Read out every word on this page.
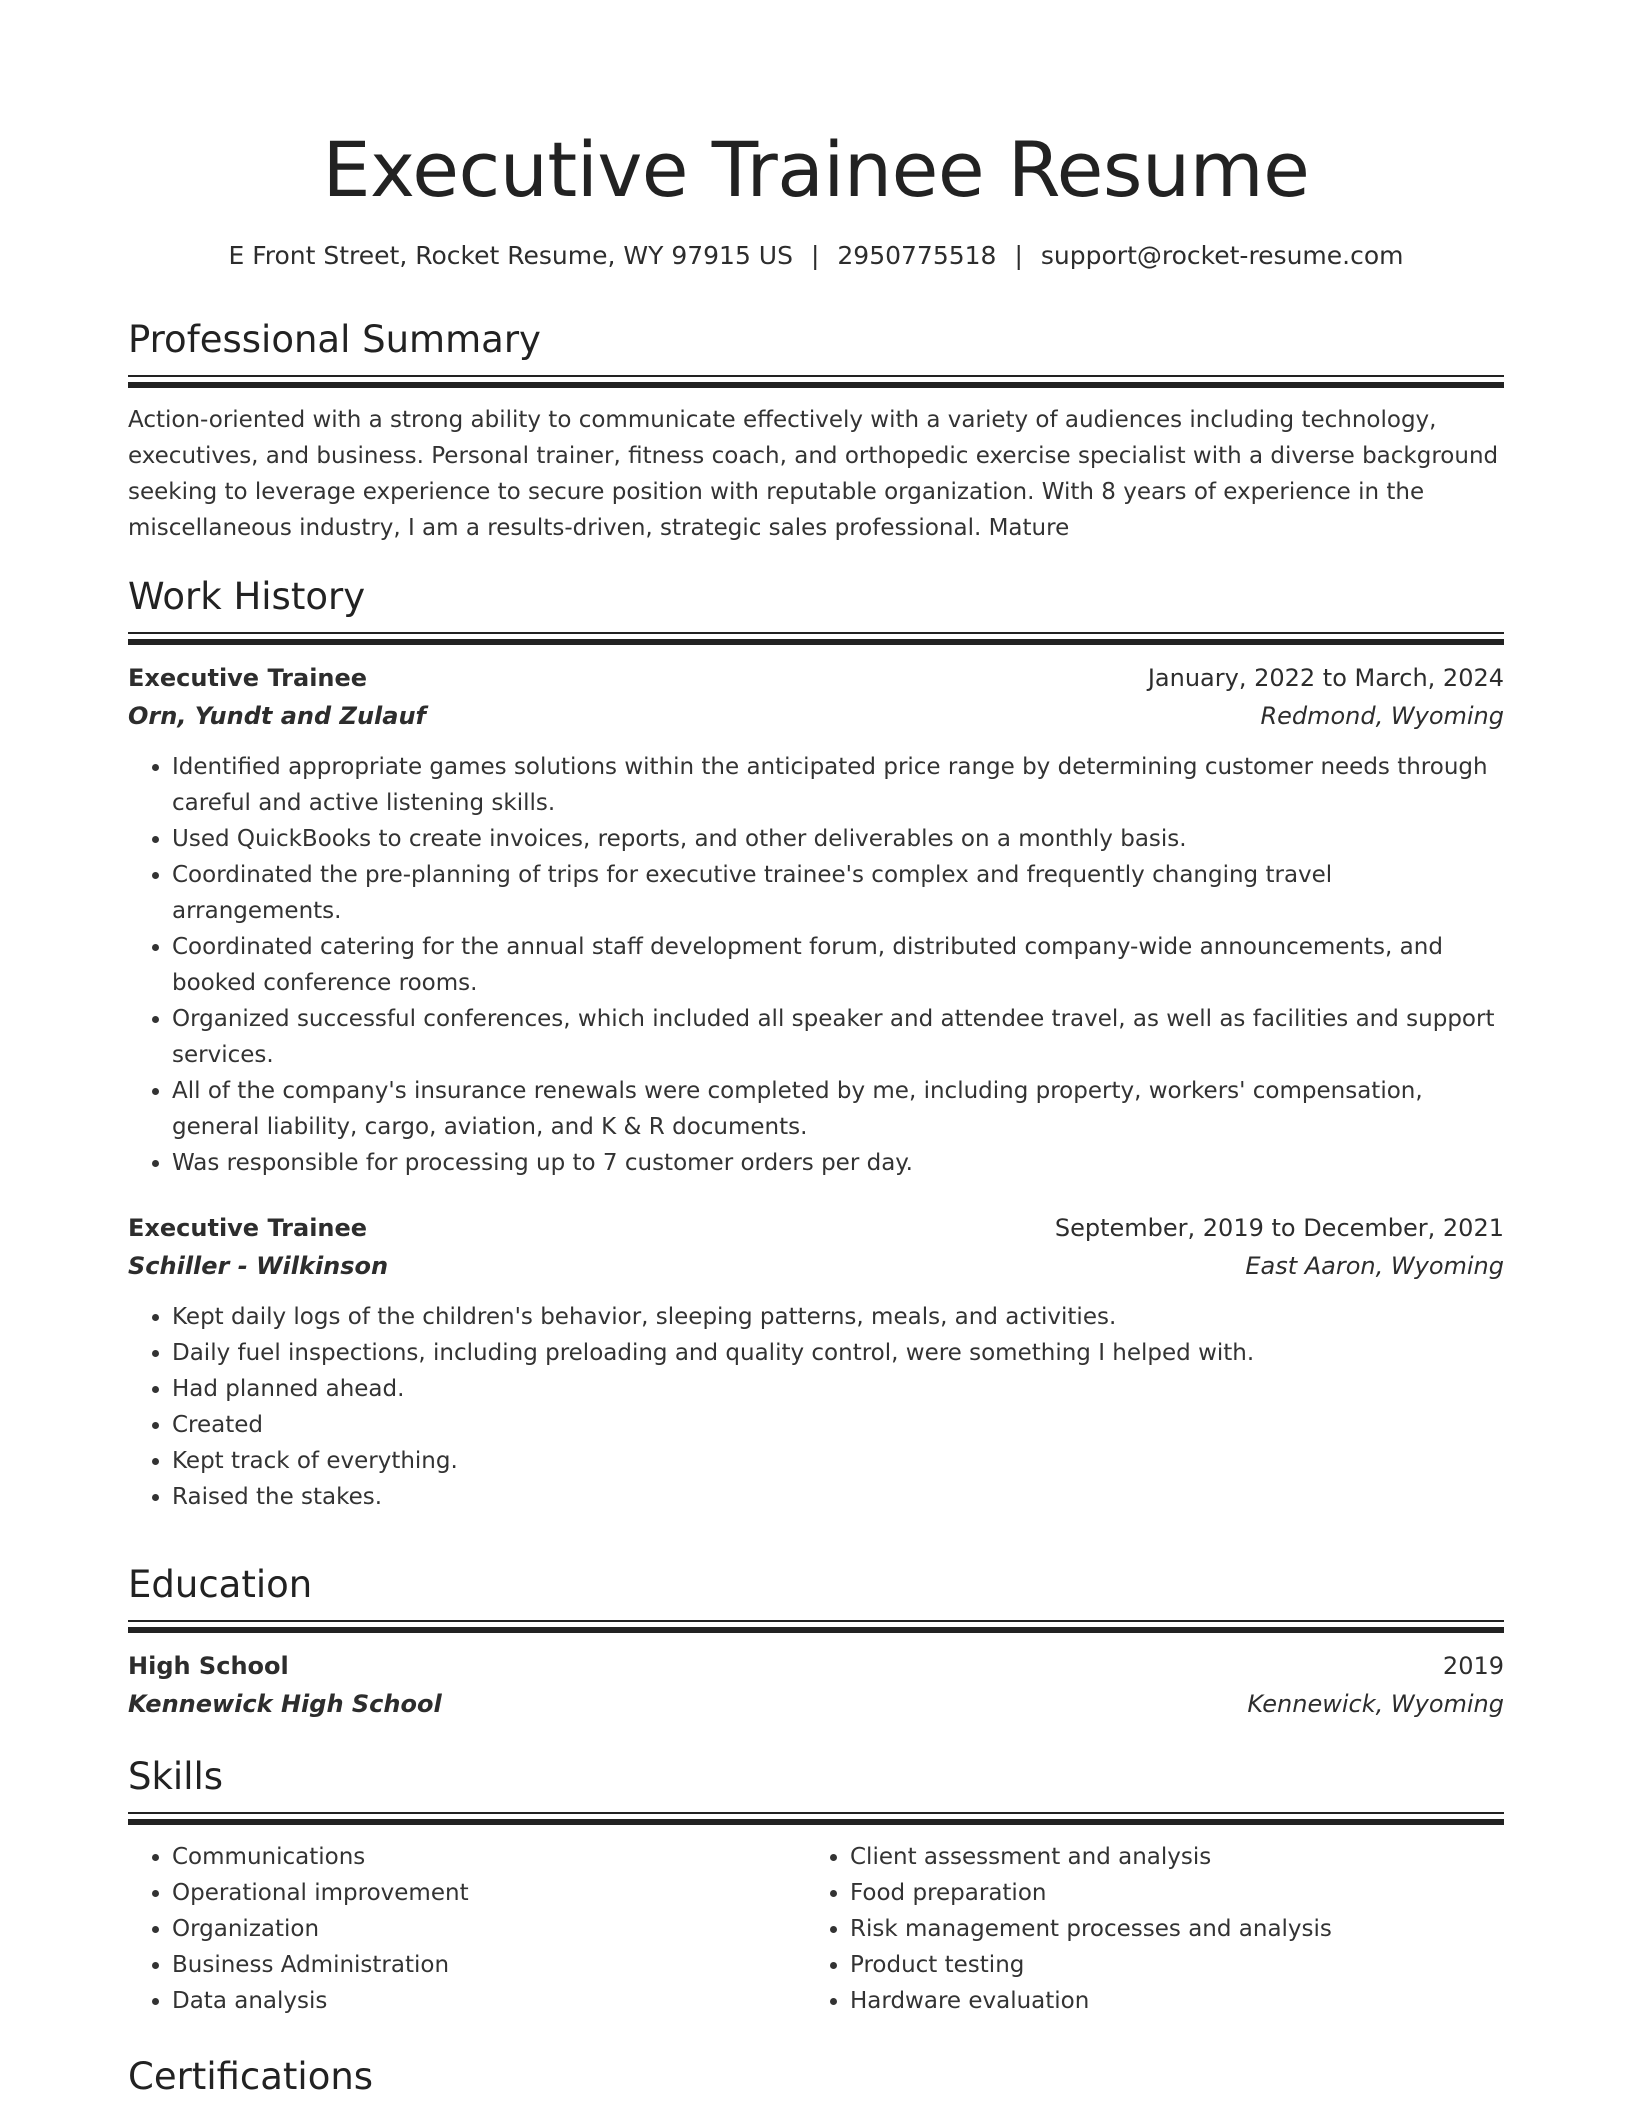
Executive Trainee Resume
E Front Street, Rocket Resume, WY 97915 US | 2950775518 | support@rocket-resume.com
Professional Summary
Action-oriented with a strong ability to communicate effectively with a variety of audiences including technology, executives, and business. Personal trainer, fitness coach, and orthopedic exercise specialist with a diverse background seeking to leverage experience to secure position with reputable organization. With 8 years of experience in the miscellaneous industry, I am a results-driven, strategic sales professional. Mature
Work History
Executive Trainee	January, 2022 to March, 2024
Orn, Yundt and Zulauf	Redmond, Wyoming
• Identified appropriate games solutions within the anticipated price range by determining customer needs through careful and active listening skills.
• Used QuickBooks to create invoices, reports, and other deliverables on a monthly basis.
• Coordinated the pre-planning of trips for executive trainee's complex and frequently changing travel arrangements.
• Coordinated catering for the annual staff development forum, distributed company-wide announcements, and booked conference rooms.
• Organized successful conferences, which included all speaker and attendee travel, as well as facilities and support services.
• All of the company's insurance renewals were completed by me, including property, workers' compensation, general liability, cargo, aviation, and K & R documents.
• Was responsible for processing up to 7 customer orders per day.
Executive Trainee	September, 2019 to December, 2021
Schiller - Wilkinson	East Aaron, Wyoming
• Kept daily logs of the children's behavior, sleeping patterns, meals, and activities.
• Daily fuel inspections, including preloading and quality control, were something I helped with.
• Had planned ahead.
• Created
• Kept track of everything.
• Raised the stakes.
Education
High School	2019
Kennewick High School	Kennewick, Wyoming
Skills
• Communications
• Operational improvement
• Organization
• Business Administration
• Data analysis
• Client assessment and analysis
• Food preparation
• Risk management processes and analysis
• Product testing
• Hardware evaluation
Certifications
